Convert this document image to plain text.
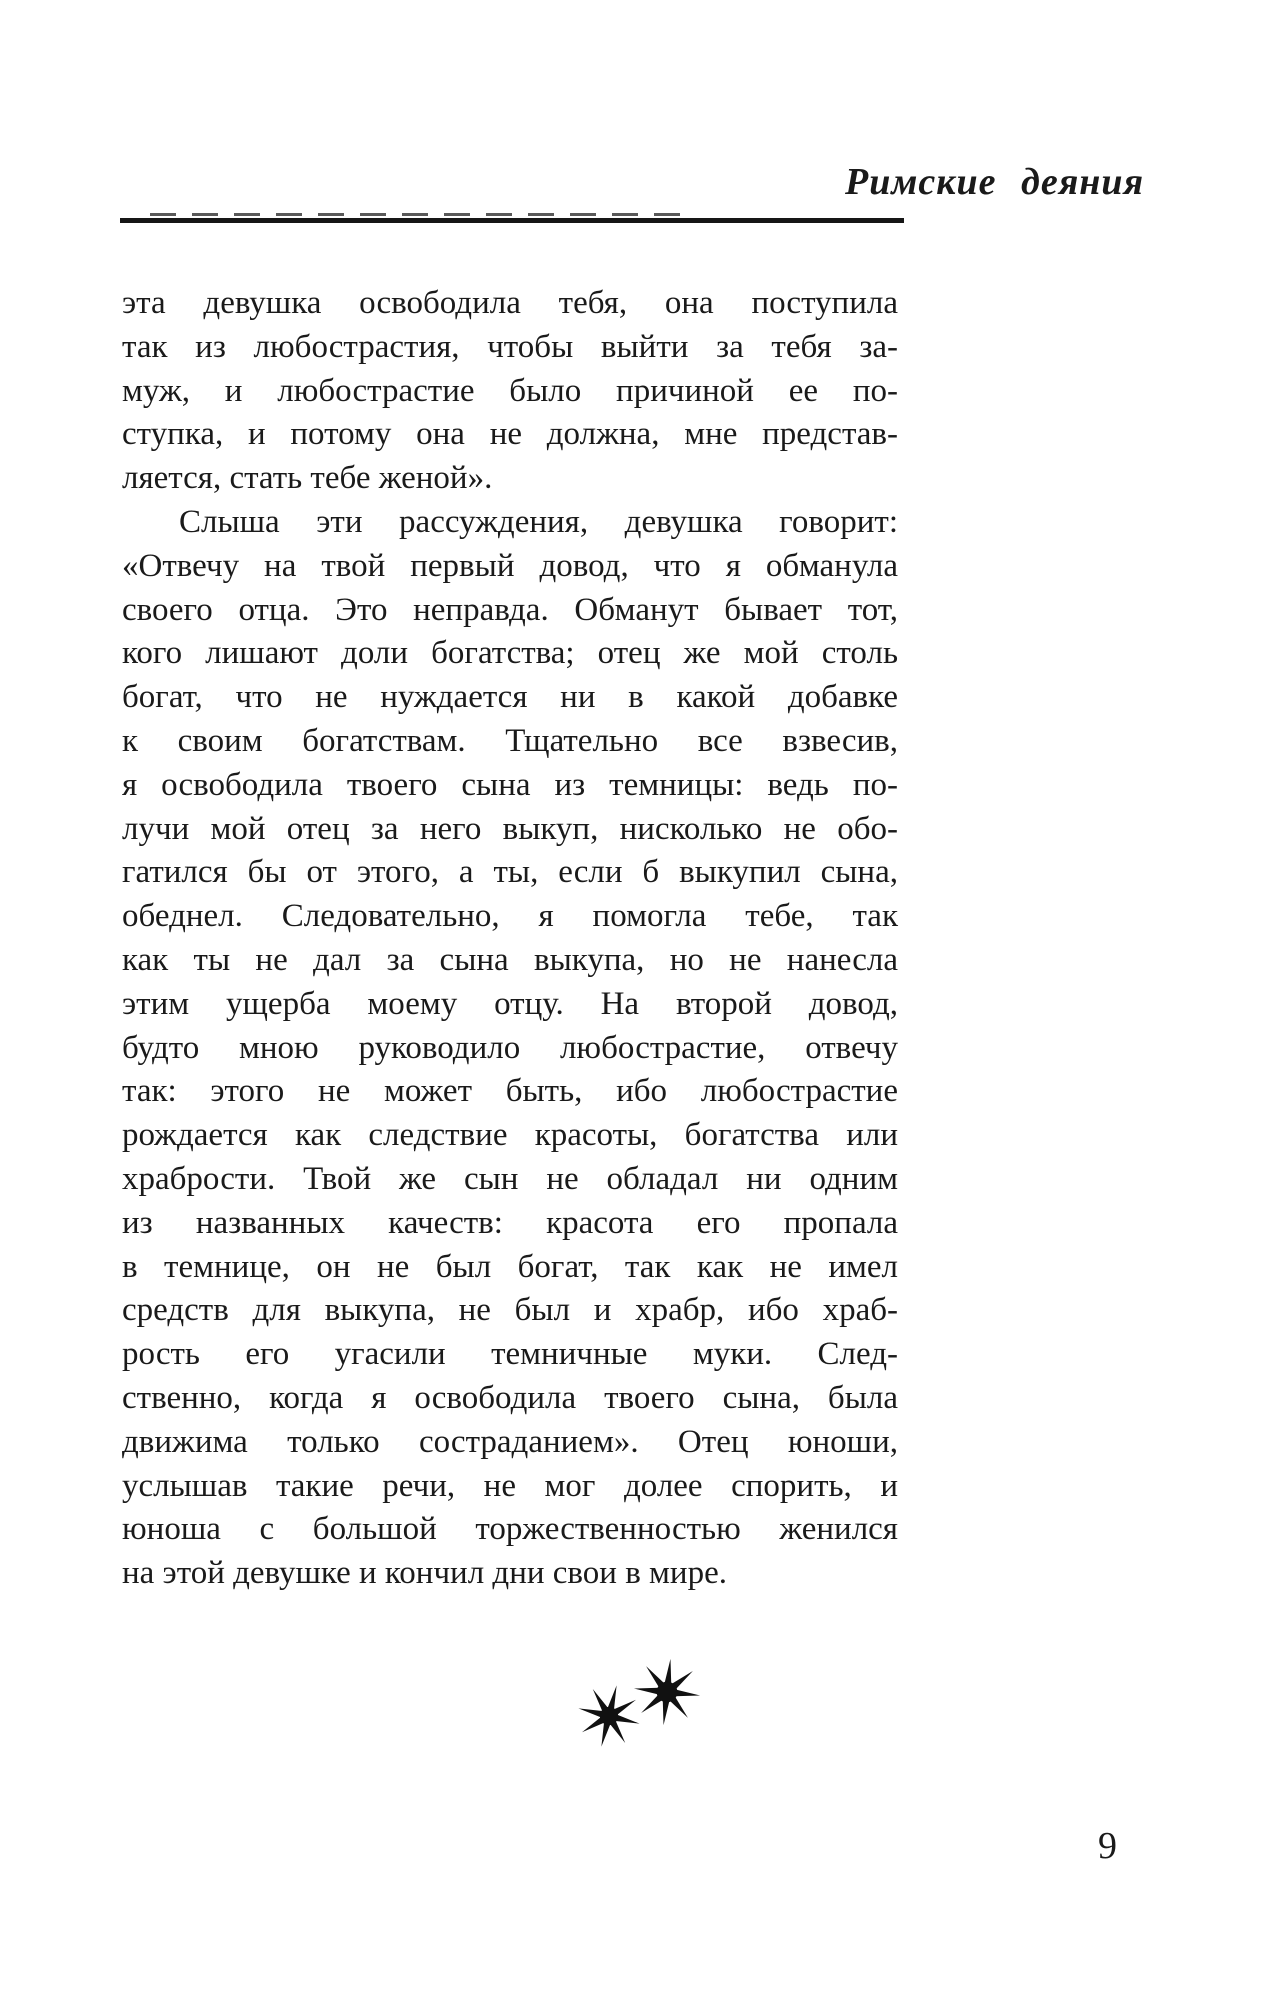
Римские деяния
эта девушка освободила тебя, она поступила
так из любострастия, чтобы выйти за тебя за-
муж, и любострастие было причиной ее по-
ступка, и потому она не должна, мне представ-
ляется, стать тебе женой».
Слыша эти рассуждения, девушка говорит:
«Отвечу на твой первый довод, что я обманула
своего отца. Это неправда. Обманут бывает тот,
кого лишают доли богатства; отец же мой столь
богат, что не нуждается ни в какой добавке
к своим богатствам. Тщательно все взвесив,
я освободила твоего сына из темницы: ведь по-
лучи мой отец за него выкуп, нисколько не обо-
гатился бы от этого, а ты, если б выкупил сына,
обеднел. Следовательно, я помогла тебе, так
как ты не дал за сына выкупа, но не нанесла
этим ущерба моему отцу. На второй довод,
будто мною руководило любострастие, отвечу
так: этого не может быть, ибо любострастие
рождается как следствие красоты, богатства или
храбрости. Твой же сын не обладал ни одним
из названных качеств: красота его пропала
в темнице, он не был богат, так как не имел
средств для выкупа, не был и храбр, ибо храб-
рость его угасили темничные муки. След-
ственно, когда я освободила твоего сына, была
движима только состраданием». Отец юноши,
услышав такие речи, не мог долее спорить, и
юноша с большой торжественностью женился
на этой девушке и кончил дни свои в мире.
9
